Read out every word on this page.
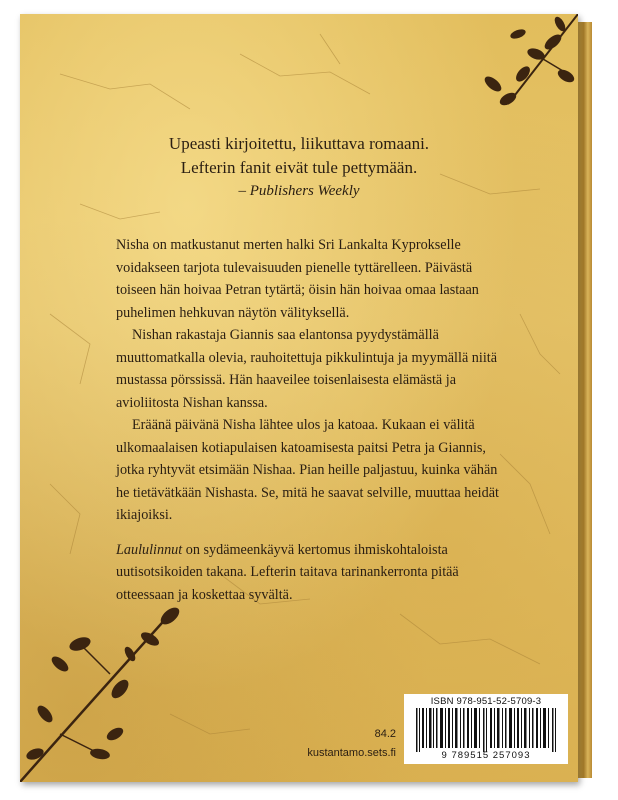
Upeasti kirjoitettu, liikuttava romaani.
Lefterin fanit eivät tule pettymään.
– Publishers Weekly

Nisha on matkustanut merten halki Sri Lankalta Kyprokselle voidakseen tarjota tulevaisuuden pienelle tyttärelleen. Päivästä toiseen hän hoivaa Petran tytärtä; öisin hän hoivaa omaa lastaan puhelimen hehkuvan näytön välityksellä.

Nishan rakastaja Giannis saa elantonsa pyydystämällä muuttomatkalla olevia, rauhoitettuja pikkulintuja ja myymällä niitä mustassa pörssissä. Hän haaveilee toisenlaisesta elämästä ja avioliitosta Nishan kanssa.

Eräänä päivänä Nisha lähtee ulos ja katoaa. Kukaan ei välitä ulkomaalaisen kotiapulaisen katoamisesta paitsi Petra ja Giannis, jotka ryhtyvät etsimään Nishaa. Pian heille paljastuu, kuinka vähän he tietävätkään Nishasta. Se, mitä he saavat selville, muuttaa heidät ikiajoiksi.

Laululinnut on sydämeenkäyvä kertomus ihmiskohtaloista uutisotsikoiden takana. Lefterin taitava tarinankerronta pitää otteessaan ja koskettaa syvältä.

84.2
kustantamo.sets.fi
ISBN 978-951-52-5709-3
9 789515 257093
